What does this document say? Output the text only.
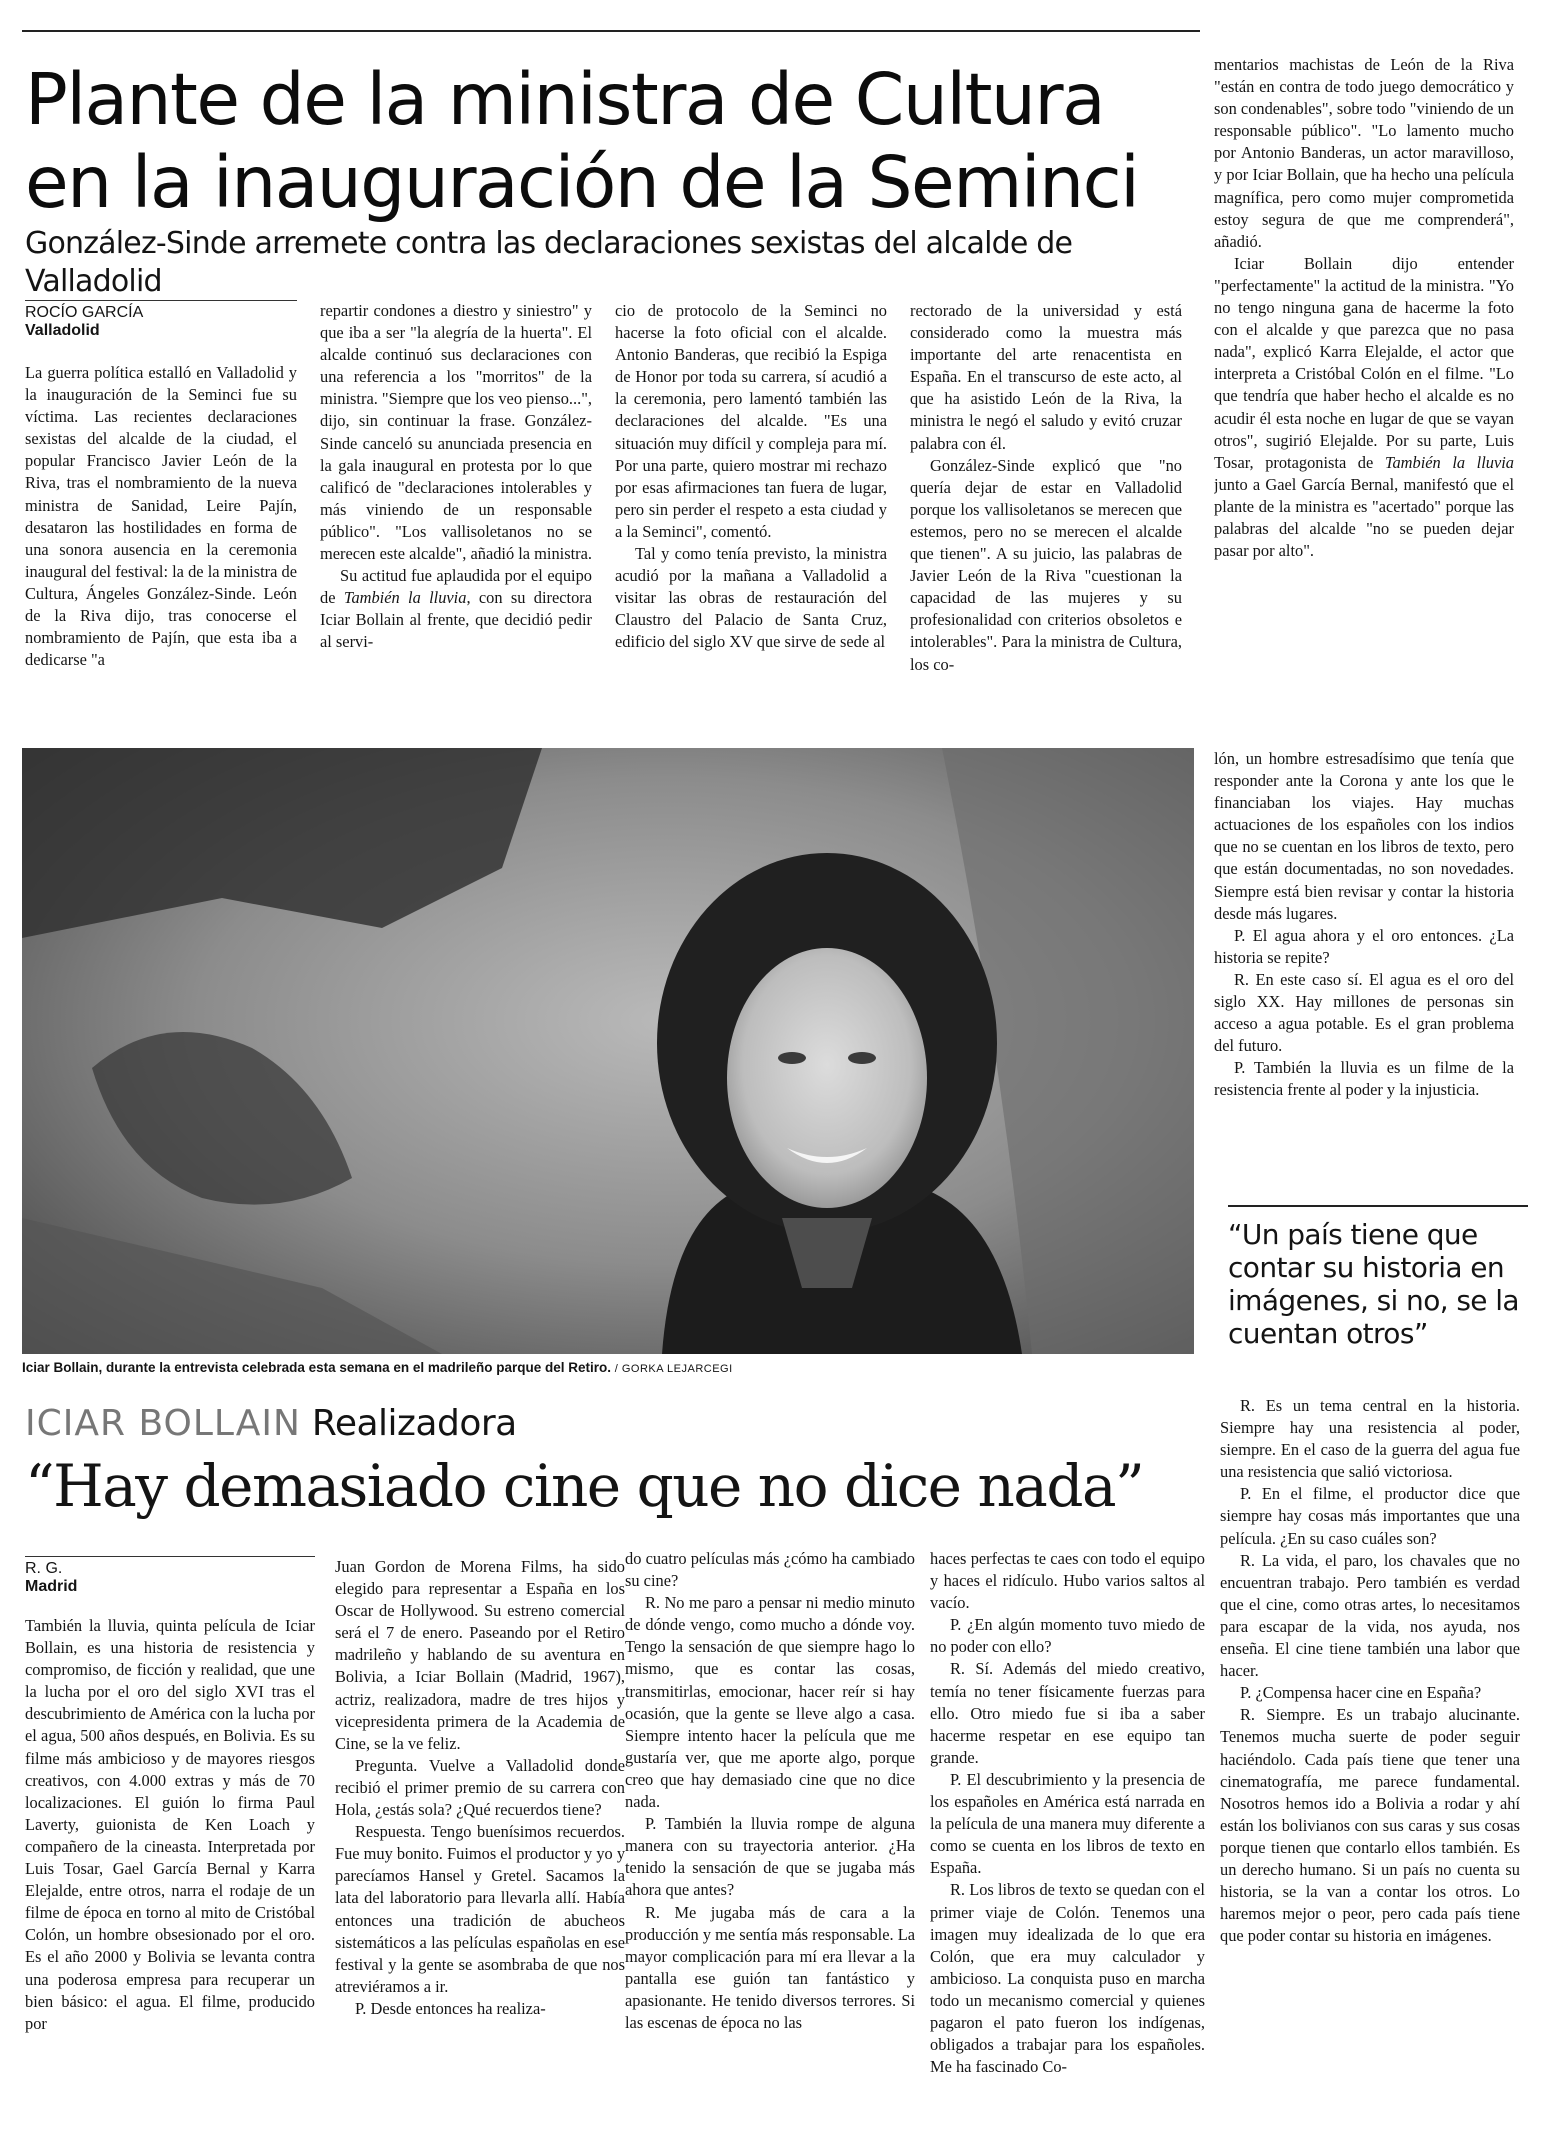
Plante de la ministra de Cultura
en la inauguración de la Seminci
González-Sinde arremete contra las declaraciones sexistas del alcalde de Valladolid
ROCÍO GARCÍA
Valladolid

La guerra política estalló en Valladolid y la inauguración de la Seminci fue su víctima. Las recientes declaraciones sexistas del alcalde de la ciudad, el popular Francisco Javier León de la Riva, tras el nombramiento de la nueva ministra de Sanidad, Leire Pajín, desataron las hostilidades en forma de una sonora ausencia en la ceremonia inaugural del festival: la de la ministra de Cultura, Ángeles González-Sinde. León de la Riva dijo, tras conocerse el nombramiento de Pajín, que esta iba a dedicarse "a

repartir condones a diestro y siniestro" y que iba a ser "la alegría de la huerta". El alcalde continuó sus declaraciones con una referencia a los "morritos" de la ministra. "Siempre que los veo pienso...", dijo, sin continuar la frase. González-Sinde canceló su anunciada presencia en la gala inaugural en protesta por lo que calificó de "declaraciones intolerables y más viniendo de un responsable público". "Los vallisoletanos no se merecen este alcalde", añadió la ministra.

Su actitud fue aplaudida por el equipo de También la lluvia, con su directora Iciar Bollain al frente, que decidió pedir al servi-

cio de protocolo de la Seminci no hacerse la foto oficial con el alcalde. Antonio Banderas, que recibió la Espiga de Honor por toda su carrera, sí acudió a la ceremonia, pero lamentó también las declaraciones del alcalde. "Es una situación muy difícil y compleja para mí. Por una parte, quiero mostrar mi rechazo por esas afirmaciones tan fuera de lugar, pero sin perder el respeto a esta ciudad y a la Seminci", comentó.

Tal y como tenía previsto, la ministra acudió por la mañana a Valladolid a visitar las obras de restauración del Claustro del Palacio de Santa Cruz, edificio del siglo XV que sirve de sede al

rectorado de la universidad y está considerado como la muestra más importante del arte renacentista en España. En el transcurso de este acto, al que ha asistido León de la Riva, la ministra le negó el saludo y evitó cruzar palabra con él.

González-Sinde explicó que "no quería dejar de estar en Valladolid porque los vallisoletanos se merecen que estemos, pero no se merecen el alcalde que tienen". A su juicio, las palabras de Javier León de la Riva "cuestionan la capacidad de las mujeres y su profesionalidad con criterios obsoletos e intolerables". Para la ministra de Cultura, los co-

mentarios machistas de León de la Riva "están en contra de todo juego democrático y son condenables", sobre todo "viniendo de un responsable público". "Lo lamento mucho por Antonio Banderas, un actor maravilloso, y por Iciar Bollain, que ha hecho una película magnífica, pero como mujer comprometida estoy segura de que me comprenderá", añadió.

Iciar Bollain dijo entender "perfectamente" la actitud de la ministra. "Yo no tengo ninguna gana de hacerme la foto con el alcalde y que parezca que no pasa nada", explicó Karra Elejalde, el actor que interpreta a Cristóbal Colón en el filme. "Lo que tendría que haber hecho el alcalde es no acudir él esta noche en lugar de que se vayan otros", sugirió Elejalde. Por su parte, Luis Tosar, protagonista de También la lluvia junto a Gael García Bernal, manifestó que el plante de la ministra es "acertado" porque las palabras del alcalde "no se pueden dejar pasar por alto".

Iciar Bollain, durante la entrevista celebrada esta semana en el madrileño parque del Retiro. / GORKA LEJARCEGI

lón, un hombre estresadísimo que tenía que responder ante la Corona y ante los que le financiaban los viajes. Hay muchas actuaciones de los españoles con los indios que no se cuentan en los libros de texto, pero que están documentadas, no son novedades. Siempre está bien revisar y contar la historia desde más lugares.

P. El agua ahora y el oro entonces. ¿La historia se repite?

R. En este caso sí. El agua es el oro del siglo XX. Hay millones de personas sin acceso a agua potable. Es el gran problema del futuro.

P. También la lluvia es un filme de la resistencia frente al poder y la injusticia.

“Un país tiene que contar su historia en imágenes, si no, se la cuentan otros”
ICIAR BOLLAIN Realizadora
“Hay demasiado cine que no dice nada”
R. G.
Madrid

También la lluvia, quinta película de Iciar Bollain, es una historia de resistencia y compromiso, de ficción y realidad, que une la lucha por el oro del siglo XVI tras el descubrimiento de América con la lucha por el agua, 500 años después, en Bolivia. Es su filme más ambicioso y de mayores riesgos creativos, con 4.000 extras y más de 70 localizaciones. El guión lo firma Paul Laverty, guionista de Ken Loach y compañero de la cineasta. Interpretada por Luis Tosar, Gael García Bernal y Karra Elejalde, entre otros, narra el rodaje de un filme de época en torno al mito de Cristóbal Colón, un hombre obsesionado por el oro. Es el año 2000 y Bolivia se levanta contra una poderosa empresa para recuperar un bien básico: el agua. El filme, producido por

Juan Gordon de Morena Films, ha sido elegido para representar a España en los Oscar de Hollywood. Su estreno comercial será el 7 de enero. Paseando por el Retiro madrileño y hablando de su aventura en Bolivia, a Iciar Bollain (Madrid, 1967), actriz, realizadora, madre de tres hijos y vicepresidenta primera de la Academia de Cine, se la ve feliz.

Pregunta. Vuelve a Valladolid donde recibió el primer premio de su carrera con Hola, ¿estás sola? ¿Qué recuerdos tiene?

Respuesta. Tengo buenísimos recuerdos. Fue muy bonito. Fuimos el productor y yo y parecíamos Hansel y Gretel. Sacamos la lata del laboratorio para llevarla allí. Había entonces una tradición de abucheos sistemáticos a las películas españolas en ese festival y la gente se asombraba de que nos atreviéramos a ir.

P. Desde entonces ha realiza-

do cuatro películas más ¿cómo ha cambiado su cine?

R. No me paro a pensar ni medio minuto de dónde vengo, como mucho a dónde voy. Tengo la sensación de que siempre hago lo mismo, que es contar las cosas, transmitirlas, emocionar, hacer reír si hay ocasión, que la gente se lleve algo a casa. Siempre intento hacer la película que me gustaría ver, que me aporte algo, porque creo que hay demasiado cine que no dice nada.

P. También la lluvia rompe de alguna manera con su trayectoria anterior. ¿Ha tenido la sensación de que se jugaba más ahora que antes?

R. Me jugaba más de cara a la producción y me sentía más responsable. La mayor complicación para mí era llevar a la pantalla ese guión tan fantástico y apasionante. He tenido diversos terrores. Si las escenas de época no las

haces perfectas te caes con todo el equipo y haces el ridículo. Hubo varios saltos al vacío.

P. ¿En algún momento tuvo miedo de no poder con ello?

R. Sí. Además del miedo creativo, temía no tener físicamente fuerzas para ello. Otro miedo fue si iba a saber hacerme respetar en ese equipo tan grande.

P. El descubrimiento y la presencia de los españoles en América está narrada en la película de una manera muy diferente a como se cuenta en los libros de texto en España.

R. Los libros de texto se quedan con el primer viaje de Colón. Tenemos una imagen muy idealizada de lo que era Colón, que era muy calculador y ambicioso. La conquista puso en marcha todo un mecanismo comercial y quienes pagaron el pato fueron los indígenas, obligados a trabajar para los españoles. Me ha fascinado Co-

R. Es un tema central en la historia. Siempre hay una resistencia al poder, siempre. En el caso de la guerra del agua fue una resistencia que salió victoriosa.

P. En el filme, el productor dice que siempre hay cosas más importantes que una película. ¿En su caso cuáles son?

R. La vida, el paro, los chavales que no encuentran trabajo. Pero también es verdad que el cine, como otras artes, lo necesitamos para escapar de la vida, nos ayuda, nos enseña. El cine tiene también una labor que hacer.

P. ¿Compensa hacer cine en España?

R. Siempre. Es un trabajo alucinante. Tenemos mucha suerte de poder seguir haciéndolo. Cada país tiene que tener una cinematografía, me parece fundamental. Nosotros hemos ido a Bolivia a rodar y ahí están los bolivianos con sus caras y sus cosas porque tienen que contarlo ellos también. Es un derecho humano. Si un país no cuenta su historia, se la van a contar los otros. Lo haremos mejor o peor, pero cada país tiene que poder contar su historia en imágenes.
